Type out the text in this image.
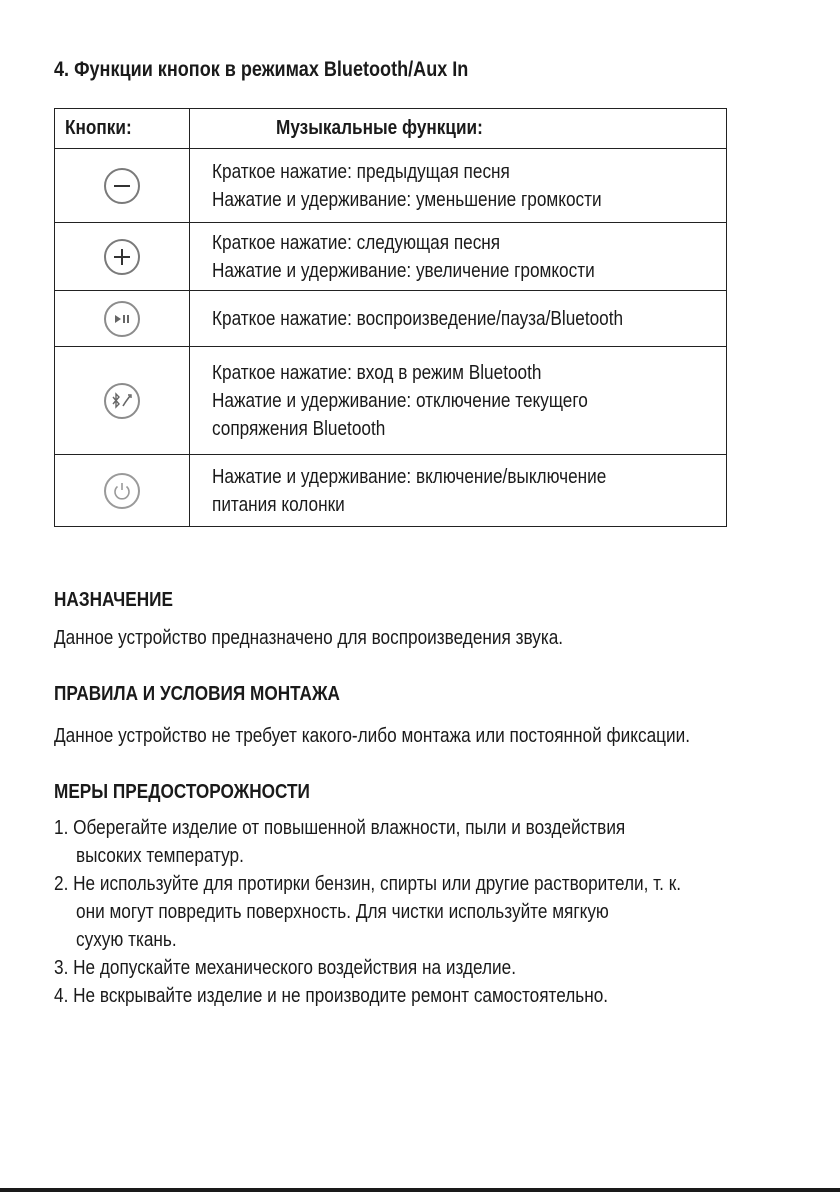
4. Функции кнопок в режимах Bluetooth/Aux In
Кнопки:	Музыкальные функции:

Краткое нажатие: предыдущая песня
Нажатие и удерживание: уменьшение громкости

Краткое нажатие: следующая песня
Нажатие и удерживание: увеличение громкости

Краткое нажатие: воспроизведение/пауза/Bluetooth

Краткое нажатие: вход в режим Bluetooth
Нажатие и удерживание: отключение текущего
сопряжения Bluetooth

Нажатие и удерживание: включение/выключение
питания колонки
НАЗНАЧЕНИЕ
Данное устройство предназначено для воспроизведения звука.
ПРАВИЛА И УСЛОВИЯ МОНТАЖА
Данное устройство не требует какого-либо монтажа или постоянной фиксации.
МЕРЫ ПРЕДОСТОРОЖНОСТИ
1. Оберегайте изделие от повышенной влажности, пыли и воздействия
высоких температур.
2. Не используйте для протирки бензин, спирты или другие растворители, т. к.
они могут повредить поверхность. Для чистки используйте мягкую
сухую ткань.
3. Не допускайте механического воздействия на изделие.
4. Не вскрывайте изделие и не производите ремонт самостоятельно.
